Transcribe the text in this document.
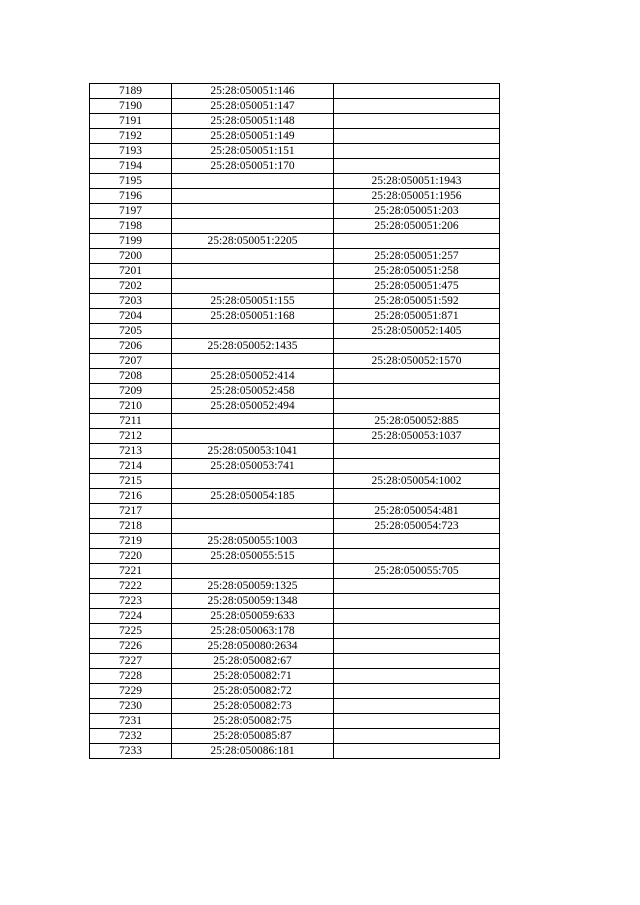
7189	25:28:050051:146	
7190	25:28:050051:147	
7191	25:28:050051:148	
7192	25:28:050051:149	
7193	25:28:050051:151	
7194	25:28:050051:170	
7195		25:28:050051:1943
7196		25:28:050051:1956
7197		25:28:050051:203
7198		25:28:050051:206
7199	25:28:050051:2205	
7200		25:28:050051:257
7201		25:28:050051:258
7202		25:28:050051:475
7203	25:28:050051:155	25:28:050051:592
7204	25:28:050051:168	25:28:050051:871
7205		25:28:050052:1405
7206	25:28:050052:1435	
7207		25:28:050052:1570
7208	25:28:050052:414	
7209	25:28:050052:458	
7210	25:28:050052:494	
7211		25:28:050052:885
7212		25:28:050053:1037
7213	25:28:050053:1041	
7214	25:28:050053:741	
7215		25:28:050054:1002
7216	25:28:050054:185	
7217		25:28:050054:481
7218		25:28:050054:723
7219	25:28:050055:1003	
7220	25:28:050055:515	
7221		25:28:050055:705
7222	25:28:050059:1325	
7223	25:28:050059:1348	
7224	25:28:050059:633	
7225	25:28:050063:178	
7226	25:28:050080:2634	
7227	25:28:050082:67	
7228	25:28:050082:71	
7229	25:28:050082:72	
7230	25:28:050082:73	
7231	25:28:050082:75	
7232	25:28:050085:87	
7233	25:28:050086:181	
